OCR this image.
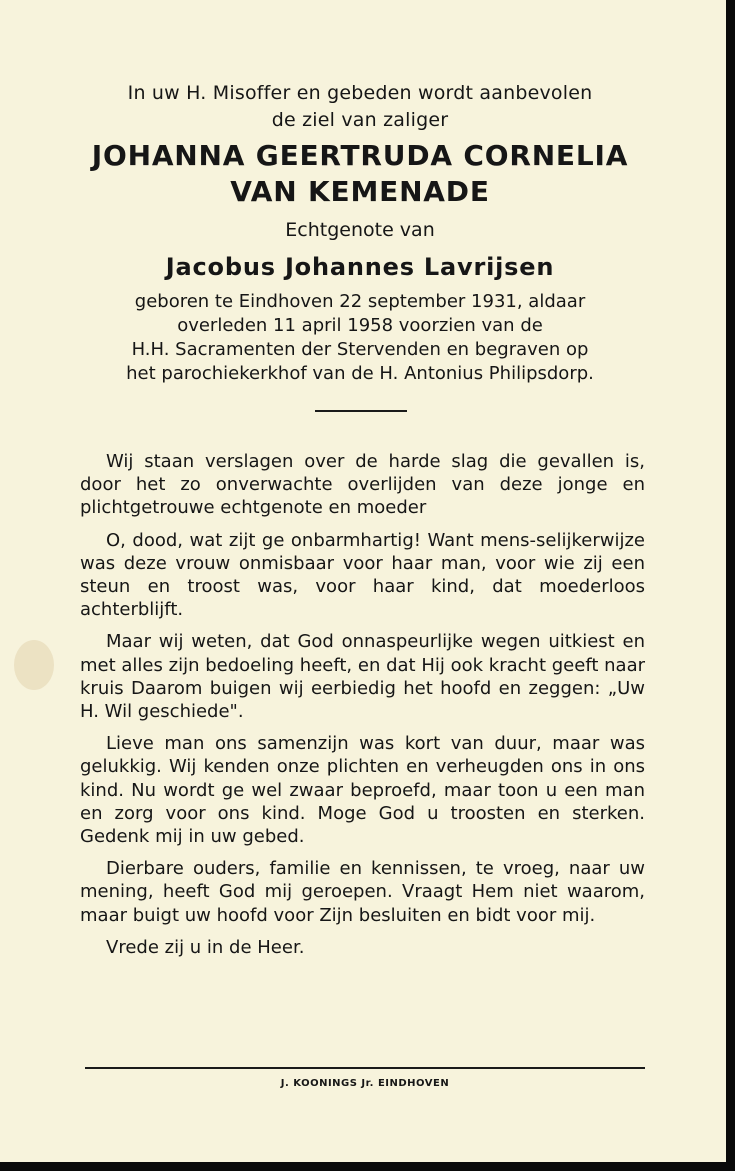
In uw H. Misoffer en gebeden wordt aanbevolen
de ziel van zaliger
JOHANNA GEERTRUDA CORNELIA
VAN KEMENADE
Echtgenote van
Jacobus Johannes Lavrijsen
geboren te Eindhoven 22 september 1931, aldaar
overleden 11 april 1958 voorzien van de
H.H. Sacramenten der Stervenden en begraven op
het parochiekerkhof van de H. Antonius Philipsdorp.

Wij staan verslagen over de harde slag die gevallen is, door het zo onverwachte overlijden van deze jonge en plichtgetrouwe echtgenote en moeder

O, dood, wat zijt ge onbarmhartig! Want mens-selijkerwijze was deze vrouw onmisbaar voor haar man, voor wie zij een steun en troost was, voor haar kind, dat moederloos achterblijft.

Maar wij weten, dat God onnaspeurlijke wegen uitkiest en met alles zijn bedoeling heeft, en dat Hij ook kracht geeft naar kruis Daarom buigen wij eerbiedig het hoofd en zeggen: „Uw H. Wil geschiede".

Lieve man ons samenzijn was kort van duur, maar was gelukkig. Wij kenden onze plichten en verheugden ons in ons kind. Nu wordt ge wel zwaar beproefd, maar toon u een man en zorg voor ons kind. Moge God u troosten en sterken. Gedenk mij in uw gebed.

Dierbare ouders, familie en kennissen, te vroeg, naar uw mening, heeft God mij geroepen. Vraagt Hem niet waarom, maar buigt uw hoofd voor Zijn besluiten en bidt voor mij.

Vrede zij u in de Heer.

J. KOONINGS Jr. EINDHOVEN
